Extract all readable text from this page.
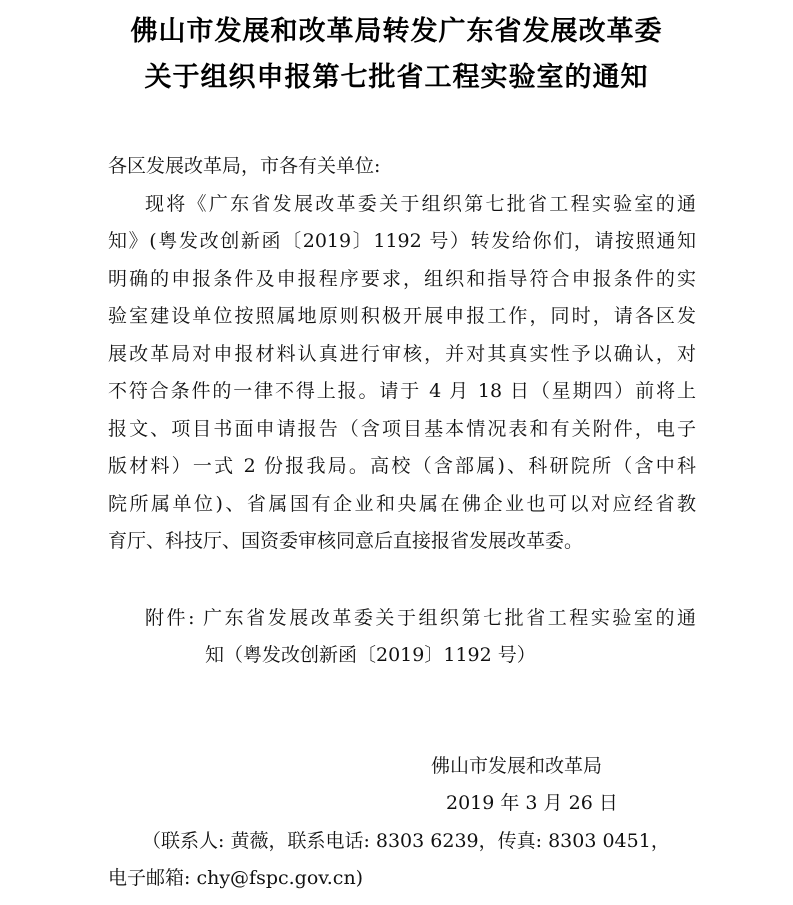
佛山市发展和改革局转发广东省发展改革委
关于组织申报第七批省工程实验室的通知

各区发展改革局，市各有关单位:

现将《广东省发展改革委关于组织第七批省工程实验室的通

知》(粤发改创新函〔2019〕1192 号）转发给你们，请按照通知

明确的申报条件及申报程序要求，组织和指导符合申报条件的实

验室建设单位按照属地原则积极开展申报工作，同时，请各区发

展改革局对申报材料认真进行审核，并对其真实性予以确认，对

不符合条件的一律不得上报。请于 4 月 18 日（星期四）前将上

报文、项目书面申请报告（含项目基本情况表和有关附件，电子

版材料）一式 2 份报我局。高校（含部属)、科研院所（含中科

院所属单位)、省属国有企业和央属在佛企业也可以对应经省教

育厅、科技厅、国资委审核同意后直接报省发展改革委。

附件: 广东省发展改革委关于组织第七批省工程实验室的通

知（粤发改创新函〔2019〕1192 号）

佛山市发展和改革局

2019 年 3 月 26 日

（联系人: 黄薇，联系电话: 8303 6239，传真: 8303 0451，

电子邮箱: chy@fspc.gov.cn)
